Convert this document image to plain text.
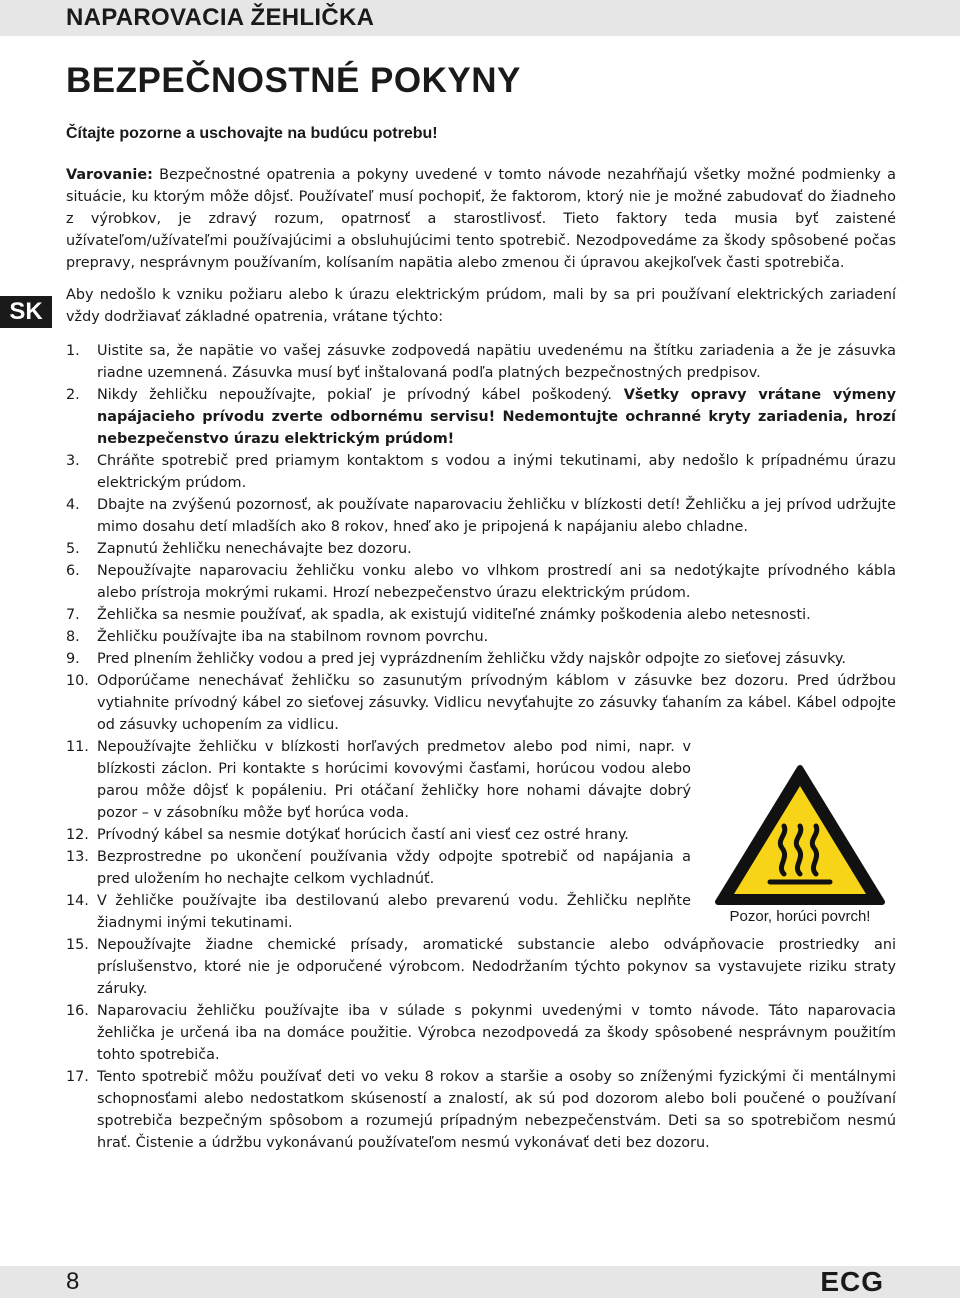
NAPAROVACIA ŽEHLIČKA
SK
BEZPEČNOSTNÉ POKYNY
Čítajte pozorne a uschovajte na budúcu potrebu!

Varovanie: Bezpečnostné opatrenia a pokyny uvedené v tomto návode nezahŕňajú všetky možné podmienky a situácie, ku ktorým môže dôjsť. Používateľ musí pochopiť, že faktorom, ktorý nie je možné zabudovať do žiadneho z výrobkov, je zdravý rozum, opatrnosť a starostlivosť. Tieto faktory teda musia byť zaistené užívateľom/užívateľmi používajúcimi a obsluhujúcimi tento spotrebič. Nezodpovedáme za škody spôsobené počas prepravy, nesprávnym používaním, kolísaním napätia alebo zmenou či úpravou akejkoľvek časti spotrebiča.

Aby nedošlo k vzniku požiaru alebo k úrazu elektrickým prúdom, mali by sa pri používaní elektrických zariadení vždy dodržiavať základné opatrenia, vrátane týchto:

1. Uistite sa, že napätie vo vašej zásuvke zodpovedá napätiu uvedenému na štítku zariadenia a že je zásuvka riadne uzemnená. Zásuvka musí byť inštalovaná podľa platných bezpečnostných predpisov.
2. Nikdy žehličku nepoužívajte, pokiaľ je prívodný kábel poškodený. Všetky opravy vrátane výmeny napájacieho prívodu zverte odbornému servisu! Nedemontujte ochranné kryty zariadenia, hrozí nebezpečenstvo úrazu elektrickým prúdom!
3. Chráňte spotrebič pred priamym kontaktom s vodou a inými tekutinami, aby nedošlo k prípadnému úrazu elektrickým prúdom.
4. Dbajte na zvýšenú pozornosť, ak používate naparovaciu žehličku v blízkosti detí! Žehličku a jej prívod udržujte mimo dosahu detí mladších ako 8 rokov, hneď ako je pripojená k napájaniu alebo chladne.
5. Zapnutú žehličku nenechávajte bez dozoru.
6. Nepoužívajte naparovaciu žehličku vonku alebo vo vlhkom prostredí ani sa nedotýkajte prívodného kábla alebo prístroja mokrými rukami. Hrozí nebezpečenstvo úrazu elektrickým prúdom.
7. Žehlička sa nesmie používať, ak spadla, ak existujú viditeľné známky poškodenia alebo netesnosti.
8. Žehličku používajte iba na stabilnom rovnom povrchu.
9. Pred plnením žehličky vodou a pred jej vyprázdnením žehličku vždy najskôr odpojte zo sieťovej zásuvky.
10. Odporúčame nenechávať žehličku so zasunutým prívodným káblom v zásuvke bez dozoru. Pred údržbou vytiahnite prívodný kábel zo sieťovej zásuvky. Vidlicu nevyťahujte zo zásuvky ťahaním za kábel. Kábel odpojte od zásuvky uchopením za vidlicu.
11. Nepoužívajte žehličku v blízkosti horľavých predmetov alebo pod nimi, napr. v blízkosti záclon. Pri kontakte s horúcimi kovovými časťami, horúcou vodou alebo parou môže dôjsť k popáleniu. Pri otáčaní žehličky hore nohami dávajte dobrý pozor – v zásobníku môže byť horúca voda.
12. Prívodný kábel sa nesmie dotýkať horúcich častí ani viesť cez ostré hrany.
13. Bezprostredne po ukončení používania vždy odpojte spotrebič od napájania a pred uložením ho nechajte celkom vychladnúť.
14. V žehličke používajte iba destilovanú alebo prevarenú vodu. Žehličku neplňte žiadnymi inými tekutinami.
15. Nepoužívajte žiadne chemické prísady, aromatické substancie alebo odvápňovacie prostriedky ani príslušenstvo, ktoré nie je odporučené výrobcom. Nedodržaním týchto pokynov sa vystavujete riziku straty záruky.
16. Naparovaciu žehličku používajte iba v súlade s pokynmi uvedenými v tomto návode. Táto naparovacia žehlička je určená iba na domáce použitie. Výrobca nezodpovedá za škody spôsobené nesprávnym použitím tohto spotrebiča.
17. Tento spotrebič môžu používať deti vo veku 8 rokov a staršie a osoby so zníženými fyzickými či mentálnymi schopnosťami alebo nedostatkom skúseností a znalostí, ak sú pod dozorom alebo boli poučené o používaní spotrebiča bezpečným spôsobom a rozumejú prípadným nebezpečenstvám. Deti sa so spotrebičom nesmú hrať. Čistenie a údržbu vykonávanú používateľom nesmú vykonávať deti bez dozoru.
Pozor, horúci povrch!
8	ECG
